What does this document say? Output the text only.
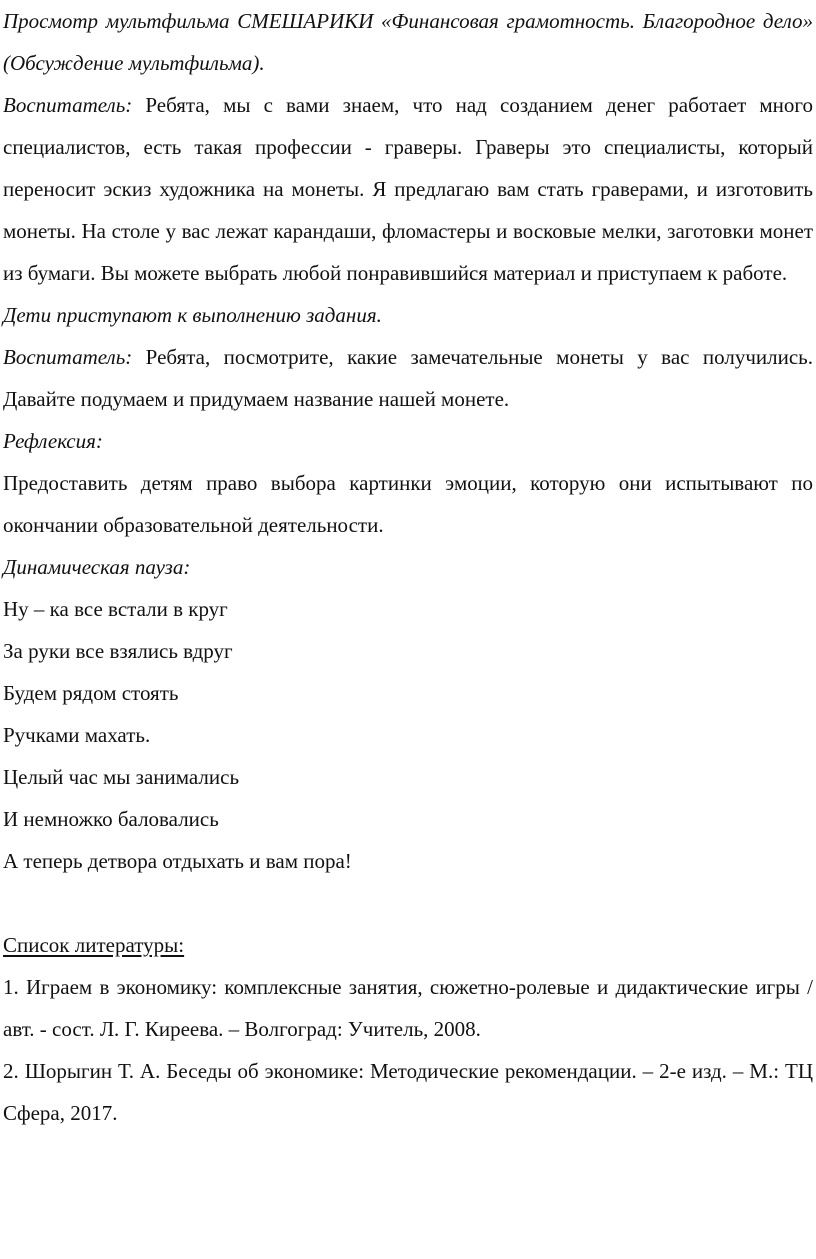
Просмотр мультфильма СМЕШАРИКИ «Финансовая грамотность. Благородное дело» (Обсуждение мультфильма).

Воспитатель: Ребята, мы с вами знаем, что над созданием денег работает много специалистов, есть такая профессии - граверы. Граверы это специалисты, который переносит эскиз художника на монеты. Я предлагаю вам стать граверами, и изготовить монеты. На столе у вас лежат карандаши, фломастеры и восковые мелки, заготовки монет из бумаги. Вы можете выбрать любой понравившийся материал и приступаем к работе.

Дети приступают к выполнению задания.

Воспитатель: Ребята, посмотрите, какие замечательные монеты у вас получились. Давайте подумаем и придумаем название нашей монете.

Рефлексия:

Предоставить детям право выбора картинки эмоции, которую они испытывают по окончании образовательной деятельности.

Динамическая пауза:

Ну – ка все встали в круг

За руки все взялись вдруг

Будем рядом стоять

Ручками махать.

Целый час мы занимались

И немножко баловались

А теперь детвора отдыхать и вам пора!

Список литературы:

1. Играем в экономику: комплексные занятия, сюжетно-ролевые и дидактические игры / авт. - сост. Л. Г. Киреева. – Волгоград: Учитель, 2008.

2. Шорыгин Т. А. Беседы об экономике: Методические рекомендации. – 2-е изд. – М.: ТЦ Сфера, 2017.
